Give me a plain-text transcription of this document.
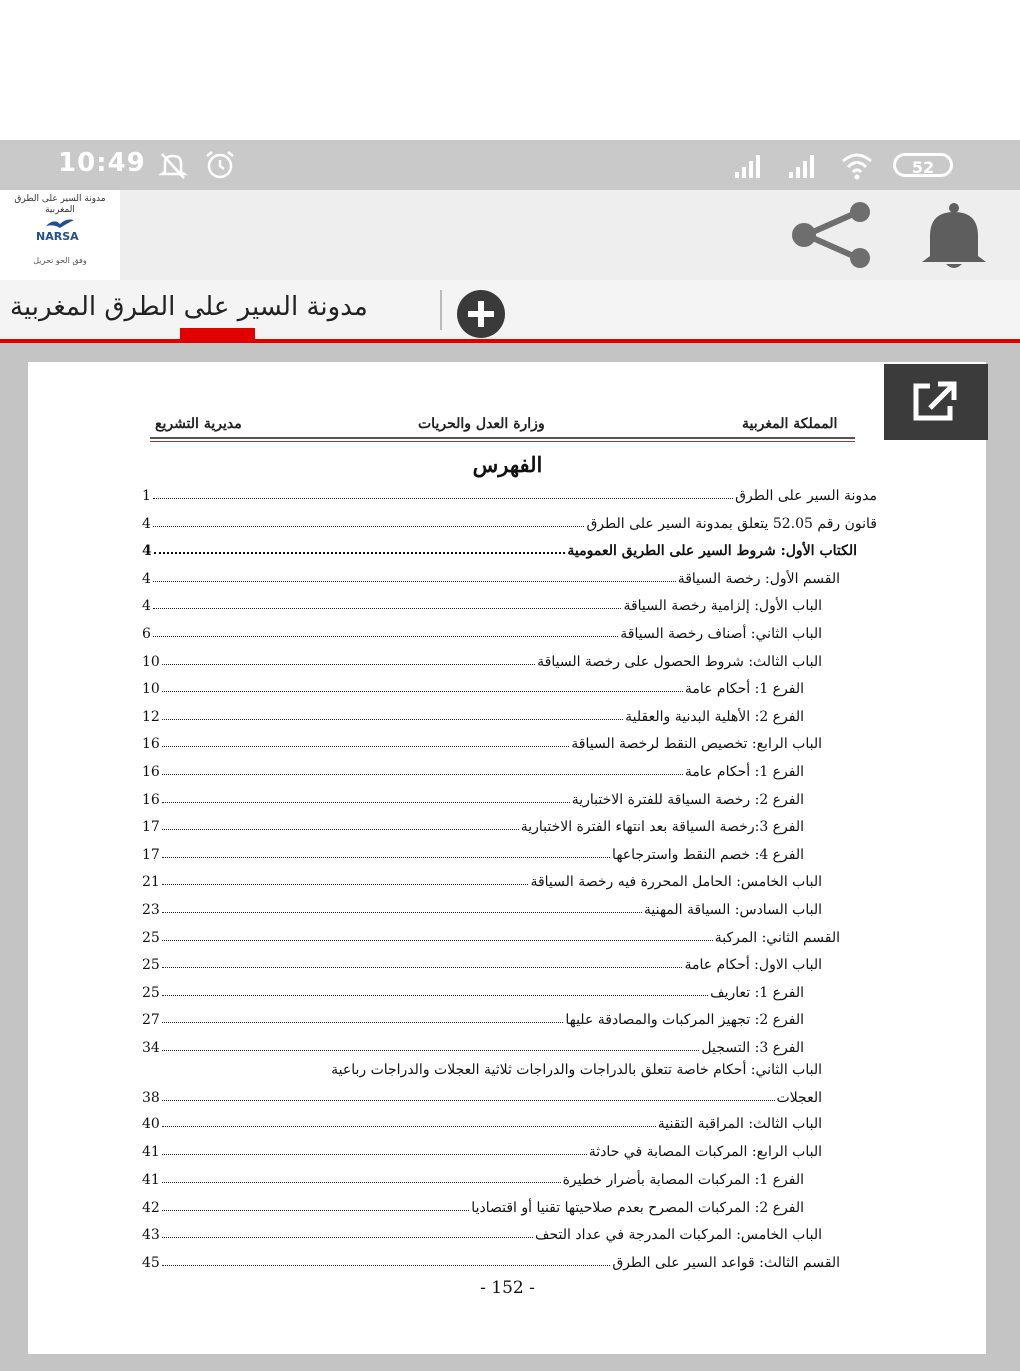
10:49	52
مدونة السير على الطرق المغربية
NARSA
وفق الحو تحريل
مدونة السير على الطرق المغربية
المملكة المغربية
وزارة العدل والحريات
مديرية التشريع
الفهرس
مدونة السير على الطرق
1
قانون رقم 52.05 يتعلق بمدونة السير على الطرق
4
الكتاب الأول: شروط السير على الطريق العمومية
4
القسم الأول: رخصة السياقة
4
الباب الأول: إلزامية رخصة السياقة
4
الباب الثاني: أصناف رخصة السياقة
6
الباب الثالث: شروط الحصول على رخصة السياقة
10
الفرع 1: أحكام عامة
10
الفرع 2: الأهلية البدنية والعقلية
12
الباب الرابع: تخصيص النقط لرخصة السياقة
16
الفرع 1: أحكام عامة
16
الفرع 2: رخصة السياقة للفترة الاختبارية
16
الفرع 3:رخصة السياقة بعد انتهاء الفترة الاختبارية
17
الفرع 4: خصم النقط واسترجاعها
17
الباب الخامس: الحامل المحررة فيه رخصة السياقة
21
الباب السادس: السياقة المهنية
23
القسم الثاني: المركبة
25
الباب الاول: أحكام عامة
25
الفرع 1: تعاريف
25
الفرع 2: تجهيز المركبات والمصادقة عليها
27
الفرع 3: التسجيل
34
الباب الثاني: أحكام خاصة تتعلق بالدراجات والدراجات ثلاثية العجلات والدراجات رباعية
العجلات
38
الباب الثالث: المراقبة التقنية
40
الباب الرابع: المركبات المصابة في حادثة
41
الفرع 1: المركبات المصابة بأضرار خطيرة
41
الفرع 2: المركبات المصرح بعدم صلاحيتها تقنيا أو اقتصاديا
42
الباب الخامس: المركبات المدرجة في عداد التحف
43
القسم الثالث: قواعد السير على الطرق
45
- 152 -
